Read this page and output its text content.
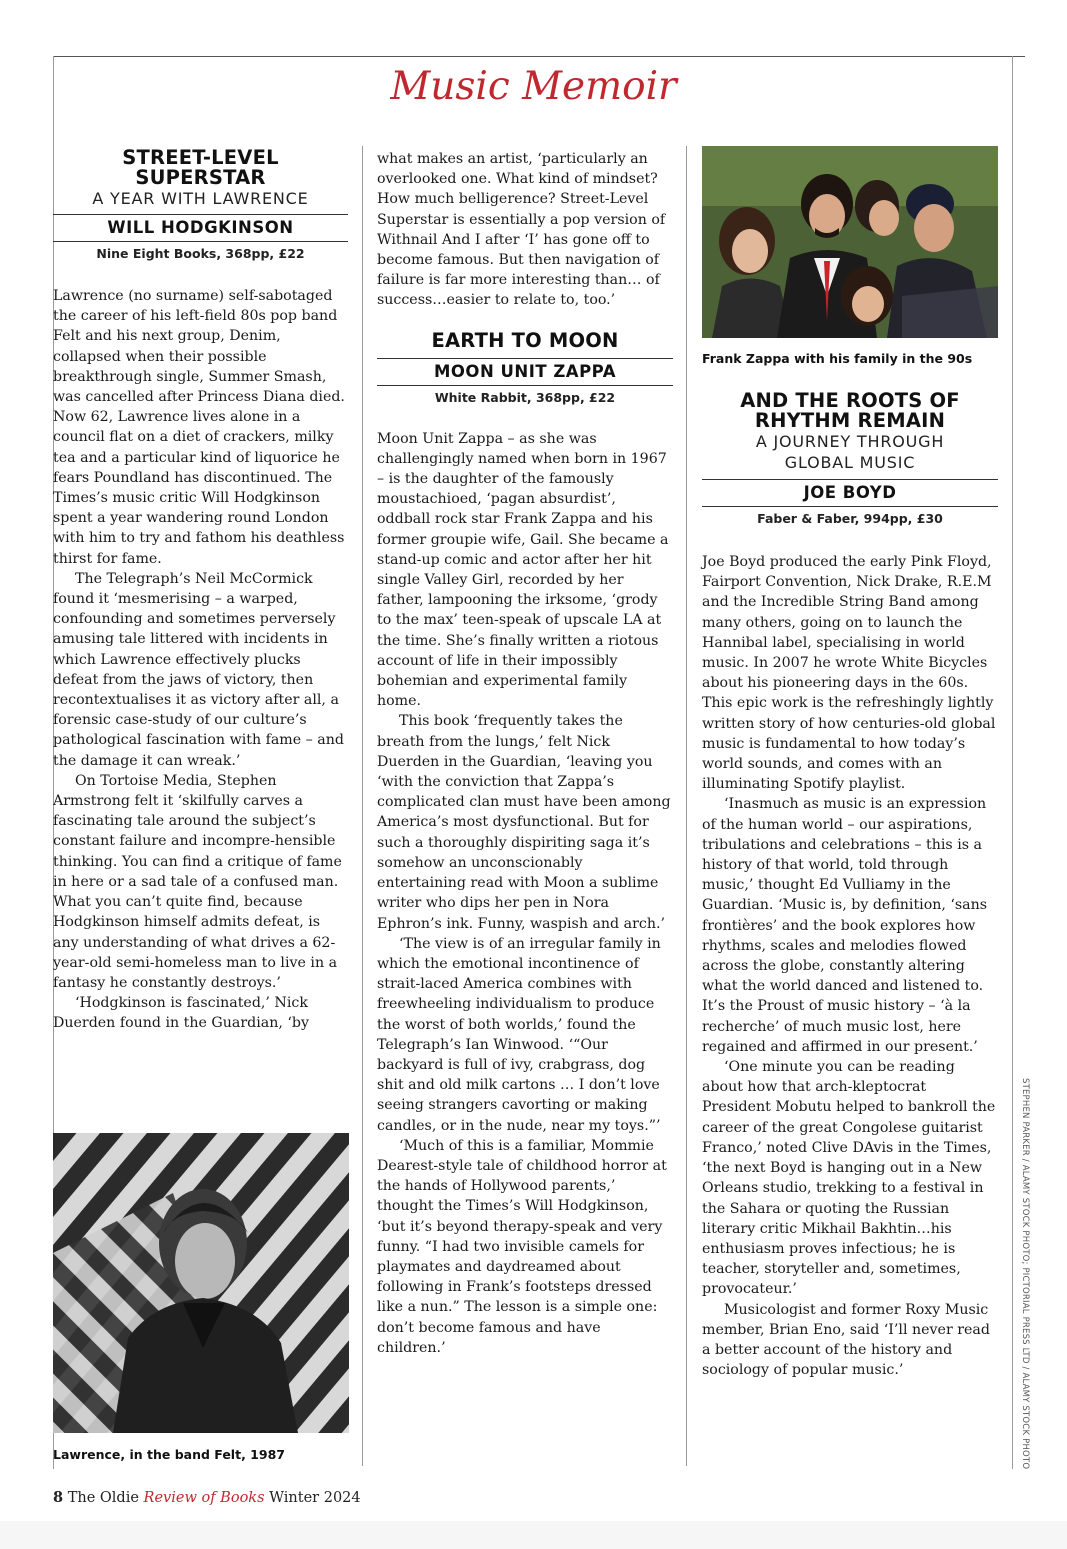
Music Memoir
STREET-LEVEL
SUPERSTAR
A YEAR WITH LAWRENCE
WILL HODGKINSON
Nine Eight Books, 368pp, £22

Lawrence (no surname) self-sabotaged the career of his left-field 80s pop band Felt and his next group, Denim, collapsed when their possible breakthrough single, Summer Smash, was cancelled after Princess Diana died. Now 62, Lawrence lives alone in a council flat on a diet of crackers, milky tea and a particular kind of liquorice he fears Poundland has discontinued. The Times’s music critic Will Hodgkinson spent a year wandering round London with him to try and fathom his deathless thirst for fame.

The Telegraph’s Neil McCormick found it ‘mesmerising – a warped, confounding and sometimes perversely amusing tale littered with incidents in which Lawrence effectively plucks defeat from the jaws of victory, then recontextualises it as victory after all, a forensic case-study of our culture’s pathological fascination with fame – and the damage it can wreak.’

On Tortoise Media, Stephen Armstrong felt it ‘skilfully carves a fascinating tale around the subject’s constant failure and incompre-hensible thinking. You can find a critique of fame in here or a sad tale of a confused man. What you can’t quite find, because Hodgkinson himself admits defeat, is any understanding of what drives a 62-year-old semi-homeless man to live in a fantasy he constantly destroys.’

‘Hodgkinson is fascinated,’ Nick Duerden found in the Guardian, ‘by

Lawrence, in the band Felt, 1987

what makes an artist, ‘particularly an overlooked one. What kind of mindset? How much belligerence? Street-Level Superstar is essentially a pop version of Withnail And I after ‘I’ has gone off to become famous. But then navigation of failure is far more interesting than… of success…easier to relate to, too.’

EARTH TO MOON
MOON UNIT ZAPPA
White Rabbit, 368pp, £22

Moon Unit Zappa – as she was challengingly named when born in 1967 – is the daughter of the famously moustachioed, ‘pagan absurdist’, oddball rock star Frank Zappa and his former groupie wife, Gail. She became a stand-up comic and actor after her hit single Valley Girl, recorded by her father, lampooning the irksome, ‘grody to the max’ teen-speak of upscale LA at the time. She’s finally written a riotous account of life in their impossibly bohemian and experimental family home.

This book ‘frequently takes the breath from the lungs,’ felt Nick Duerden in the Guardian, ‘leaving you ‘with the conviction that Zappa’s complicated clan must have been among America’s most dysfunctional. But for such a thoroughly dispiriting saga it’s somehow an unconscionably entertaining read with Moon a sublime writer who dips her pen in Nora Ephron’s ink. Funny, waspish and arch.’

‘The view is of an irregular family in which the emotional incontinence of strait-laced America combines with freewheeling individualism to produce the worst of both worlds,’ found the Telegraph’s Ian Winwood. ‘“Our backyard is full of ivy, crabgrass, dog shit and old milk cartons … I don’t love seeing strangers cavorting or making candles, or in the nude, near my toys.”’

‘Much of this is a familiar, Mommie Dearest-style tale of childhood horror at the hands of Hollywood parents,’ thought the Times’s Will Hodgkinson, ‘but it’s beyond therapy-speak and very funny. “I had two invisible camels for playmates and daydreamed about following in Frank’s footsteps dressed like a nun.” The lesson is a simple one: don’t become famous and have children.’

Frank Zappa with his family in the 90s
AND THE ROOTS OF
RHYTHM REMAIN
A JOURNEY THROUGH
GLOBAL MUSIC
JOE BOYD
Faber & Faber, 994pp, £30

Joe Boyd produced the early Pink Floyd, Fairport Convention, Nick Drake, R.E.M and the Incredible String Band among many others, going on to launch the Hannibal label, specialising in world music. In 2007 he wrote White Bicycles about his pioneering days in the 60s. This epic work is the refreshingly lightly written story of how centuries-old global music is fundamental to how today’s world sounds, and comes with an illuminating Spotify playlist.

‘Inasmuch as music is an expression of the human world – our aspirations, tribulations and celebrations – this is a history of that world, told through music,’ thought Ed Vulliamy in the Guardian. ‘Music is, by definition, ‘sans frontières’ and the book explores how rhythms, scales and melodies flowed across the globe, constantly altering what the world danced and listened to. It’s the Proust of music history – ‘à la recherche’ of much music lost, here regained and affirmed in our present.’

‘One minute you can be reading about how that arch-kleptocrat President Mobutu helped to bankroll the career of the great Congolese guitarist Franco,’ noted Clive DAvis in the Times, ‘the next Boyd is hanging out in a New Orleans studio, trekking to a festival in the Sahara or quoting the Russian literary critic Mikhail Bakhtin…his enthusiasm proves infectious; he is teacher, storyteller and, sometimes, provocateur.’

Musicologist and former Roxy Music member, Brian Eno, said ‘I’ll never read a better account of the history and sociology of popular music.’	STEPHEN PARKER / ALAMY STOCK PHOTO; PICTORIAL PRESS LTD / ALAMY STOCK PHOTO
8 The Oldie Review of Books Winter 2024
